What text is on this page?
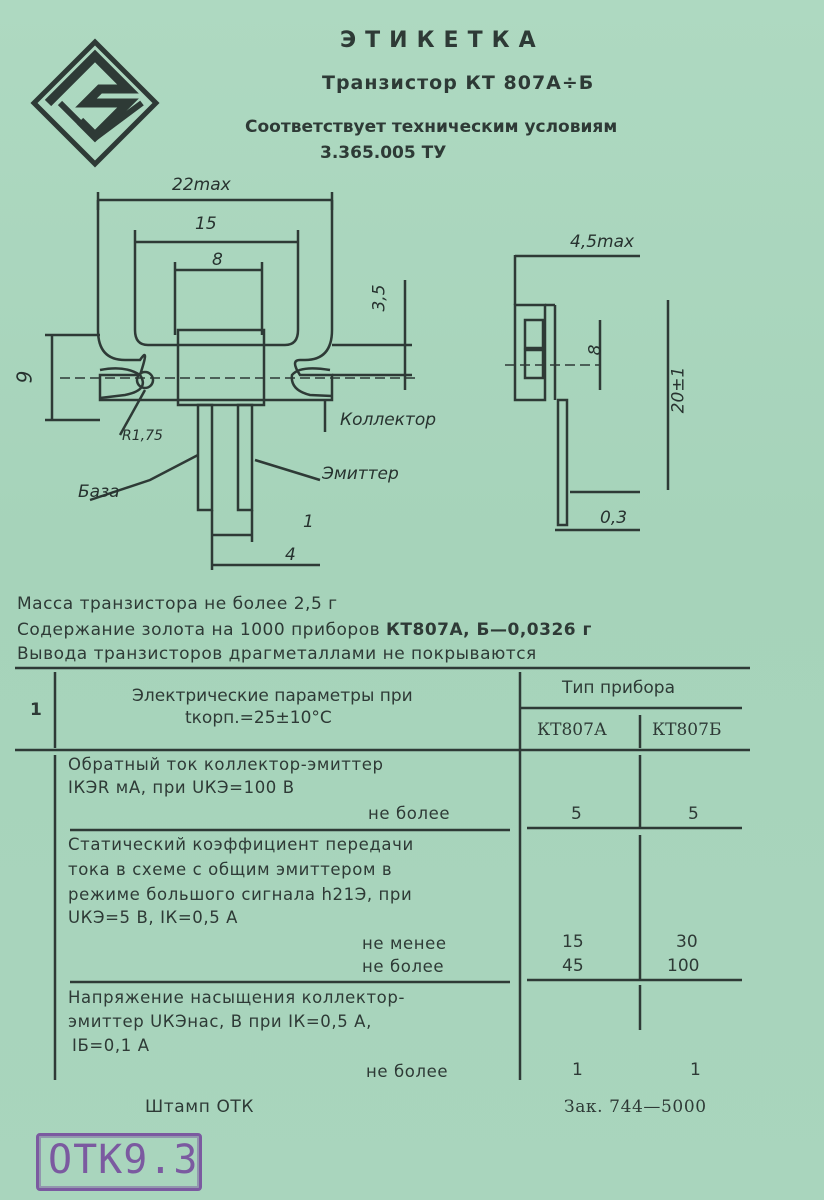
ЭТИКЕТКА
Транзистор КТ 807А÷Б
Соответствует техническим условиям
3.365.005 ТУ
22max
15
8
3,5
9
R1,75
Коллектор
Эмиттер
База
1
4
4,5max
8
20±1
0,3
Масса транзистора не более 2,5 г
Содержание золота на 1000 приборов КТ807А, Б—0,0326 г
Вывода транзисторов драгметаллами не покрываются
1
Электрические параметры при
tкорп.=25±10°С
Тип прибора
КТ807А	КТ807Б
Обратный ток коллектор-эмиттер
IКЭR мА, при UКЭ=100 В
не более	5	5
Статический коэффициент передачи
тока в схеме с общим эмиттером в
режиме большого сигнала h21Э, при
UКЭ=5 В, IК=0,5 А
не менее	15	30
не более	45	100
Напряжение насыщения коллектор-
эмиттер UКЭнас, В при IК=0,5 А,
IБ=0,1 А
не более	1	1
Штамп ОТК	Зак. 744—5000
ОТК9.3
